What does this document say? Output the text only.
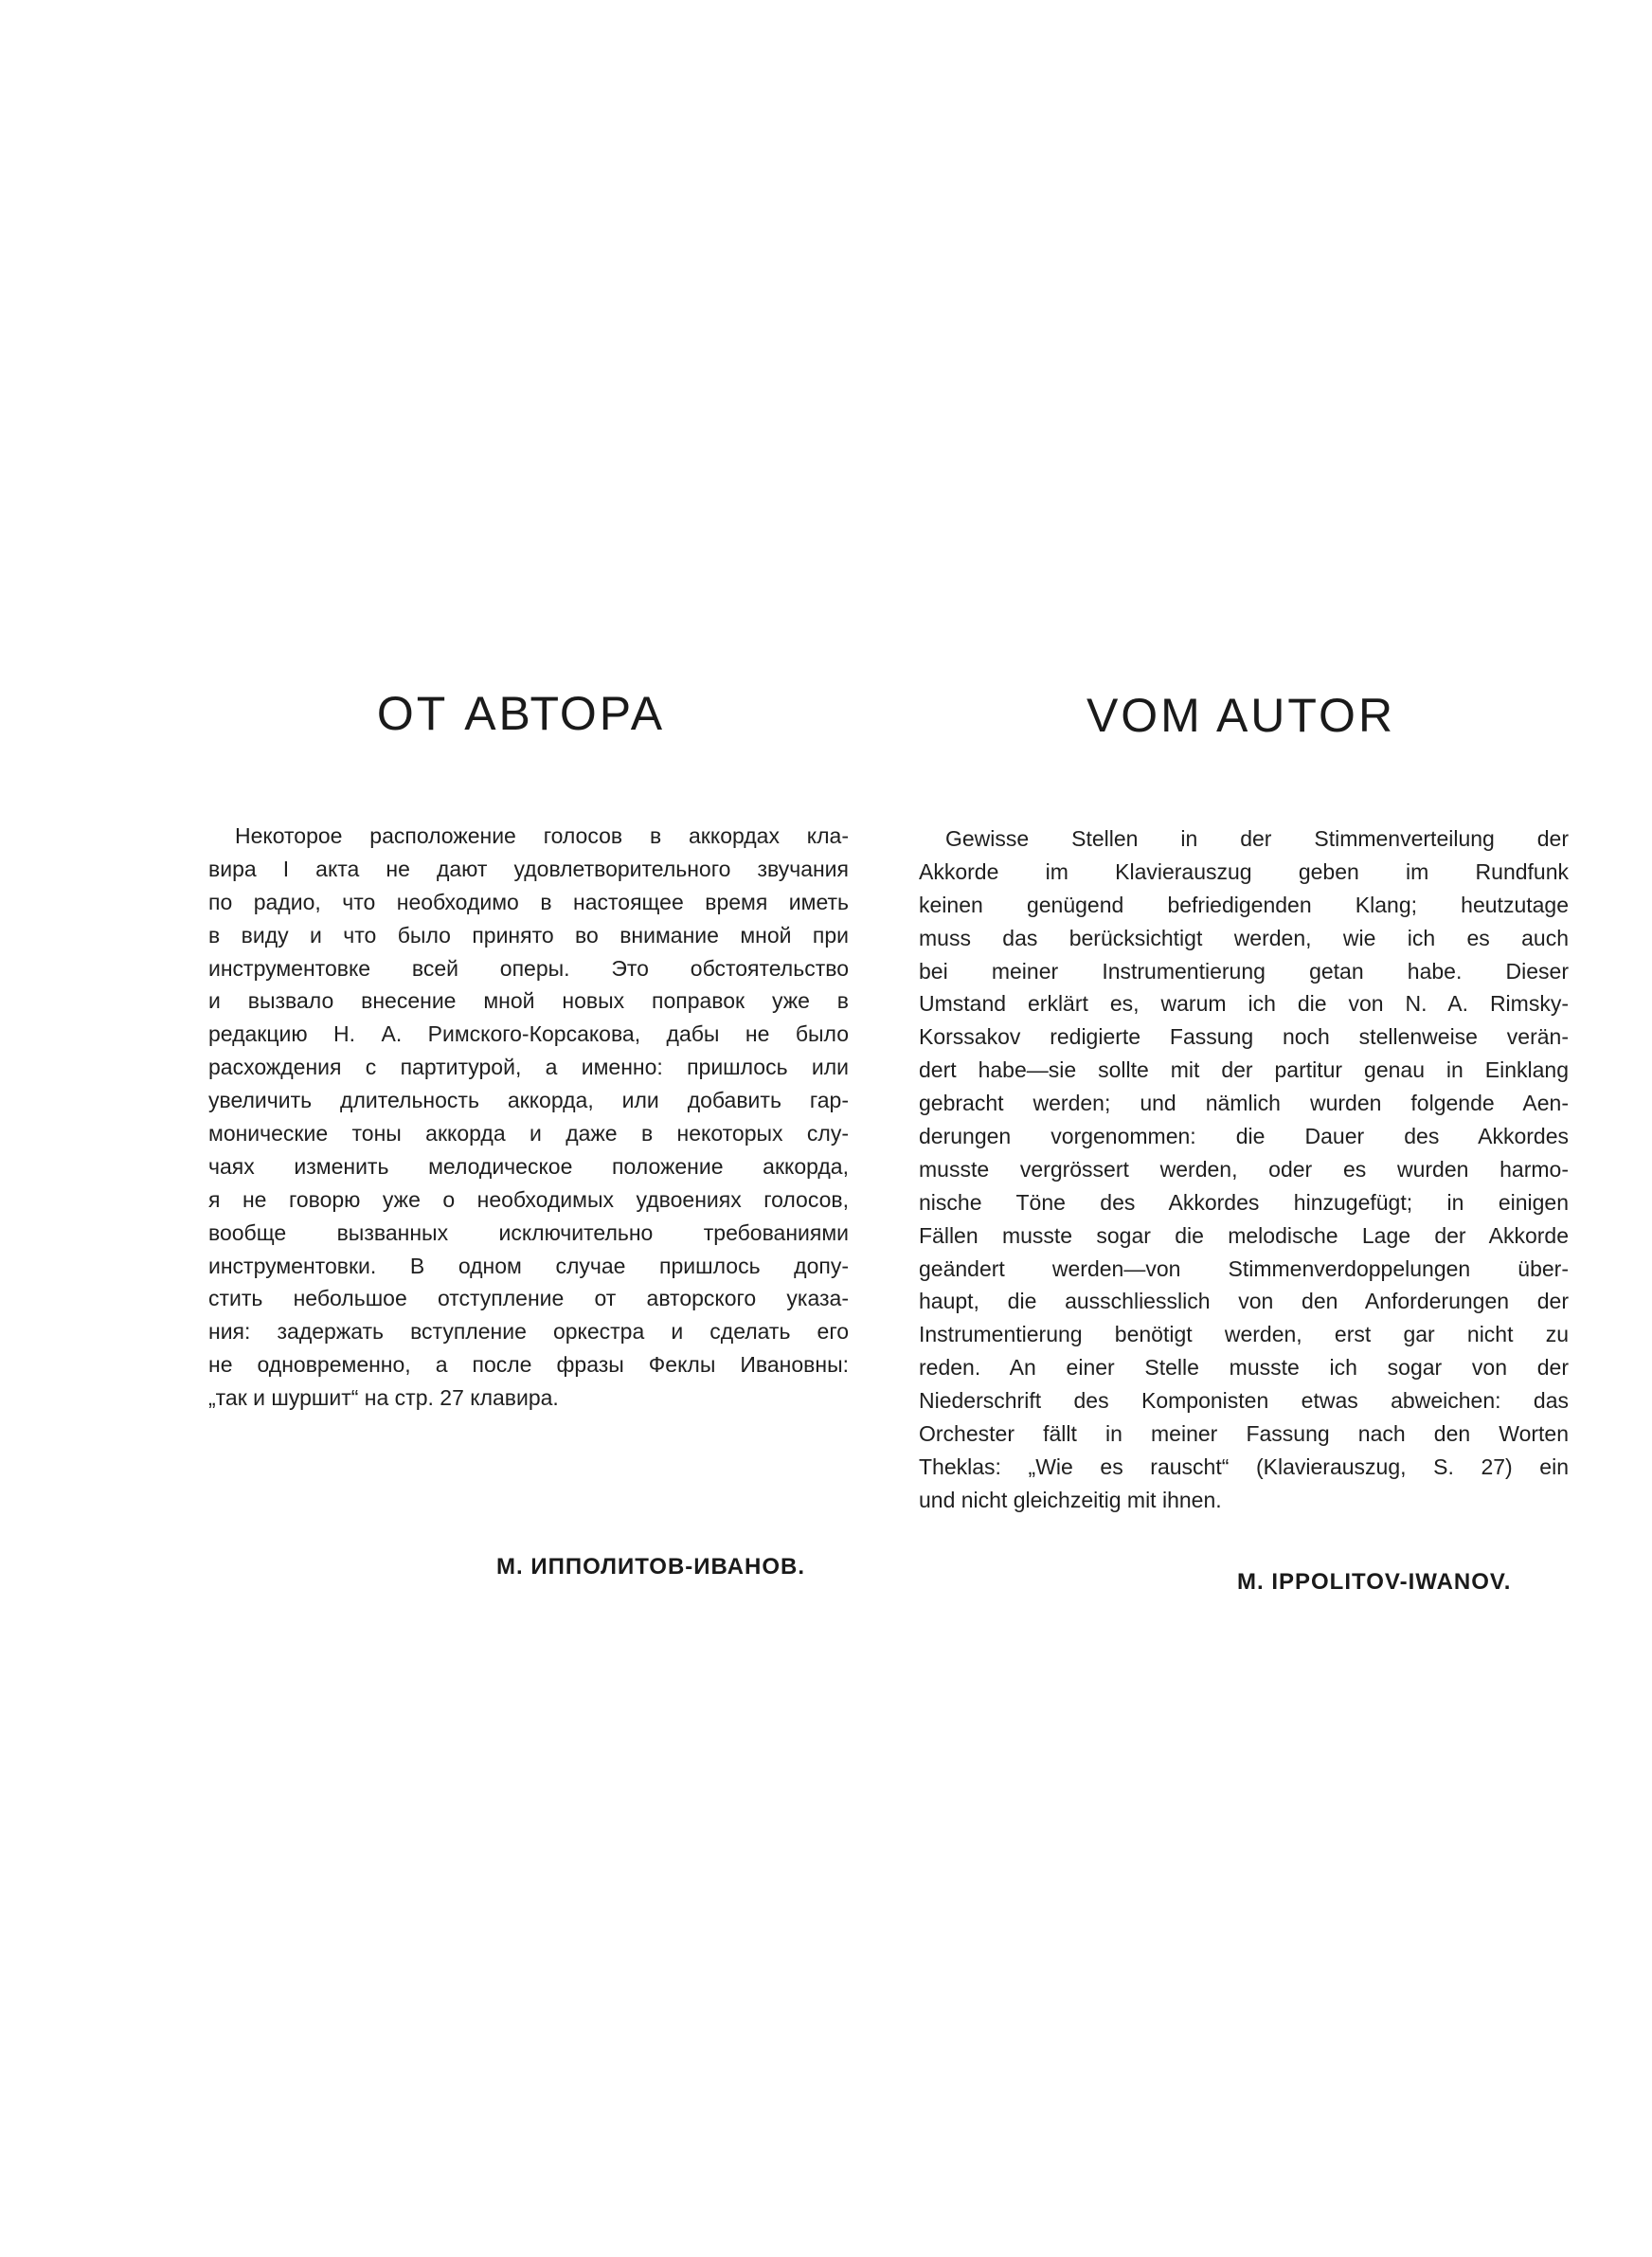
ОТ АВТОРА	VOM AUTOR
Некоторое расположение голосов в аккордах кла-
вира I акта не дают удовлетворительного звучания
по радио, что необходимо в настоящее время иметь
в виду и что было принято во внимание мной при
инструментовке всей оперы. Это обстоятельство
и вызвало внесение мной новых поправок уже в
редакцию Н. А. Римского-Корсакова, дабы не было
расхождения с партитурой, а именно: пришлось или
увеличить длительность аккорда, или добавить гар-
монические тоны аккорда и даже в некоторых слу-
чаях изменить мелодическое положение аккорда,
я не говорю уже о необходимых удвоениях голосов,
вообще вызванных исключительно требованиями
инструментовки. В одном случае пришлось допу-
стить небольшое отступление от авторского указа-
ния: задержать вступление оркестра и сделать его
не одновременно, а после фразы Феклы Ивановны:
„так и шуршит“ на стр. 27 клавира.
Gewisse Stellen in der Stimmenverteilung der
Akkorde im Klavierauszug geben im Rundfunk
keinen genügend befriedigenden Klang; heutzutage
muss das berücksichtigt werden, wie ich es auch
bei meiner Instrumentierung getan habe. Dieser
Umstand erklärt es, warum ich die von N. A. Rimsky-
Korssakov redigierte Fassung noch stellenweise verän-
dert habe—sie sollte mit der partitur genau in Einklang
gebracht werden; und nämlich wurden folgende Aen-
derungen vorgenommen: die Dauer des Akkordes
musste vergrössert werden, oder es wurden harmo-
nische Töne des Akkordes hinzugefügt; in einigen
Fällen musste sogar die melodische Lage der Akkorde
geändert werden—von Stimmenverdoppelungen über-
haupt, die ausschliesslich von den Anforderungen der
Instrumentierung benötigt werden, erst gar nicht zu
reden. An einer Stelle musste ich sogar von der
Niederschrift des Komponisten etwas abweichen: das
Orchester fällt in meiner Fassung nach den Worten
Theklas: „Wie es rauscht“ (Klavierauszug, S. 27) ein
und nicht gleichzeitig mit ihnen.
М. ИППОЛИТОВ-ИВАНОВ.
M. IPPOLITOV-IWANOV.
